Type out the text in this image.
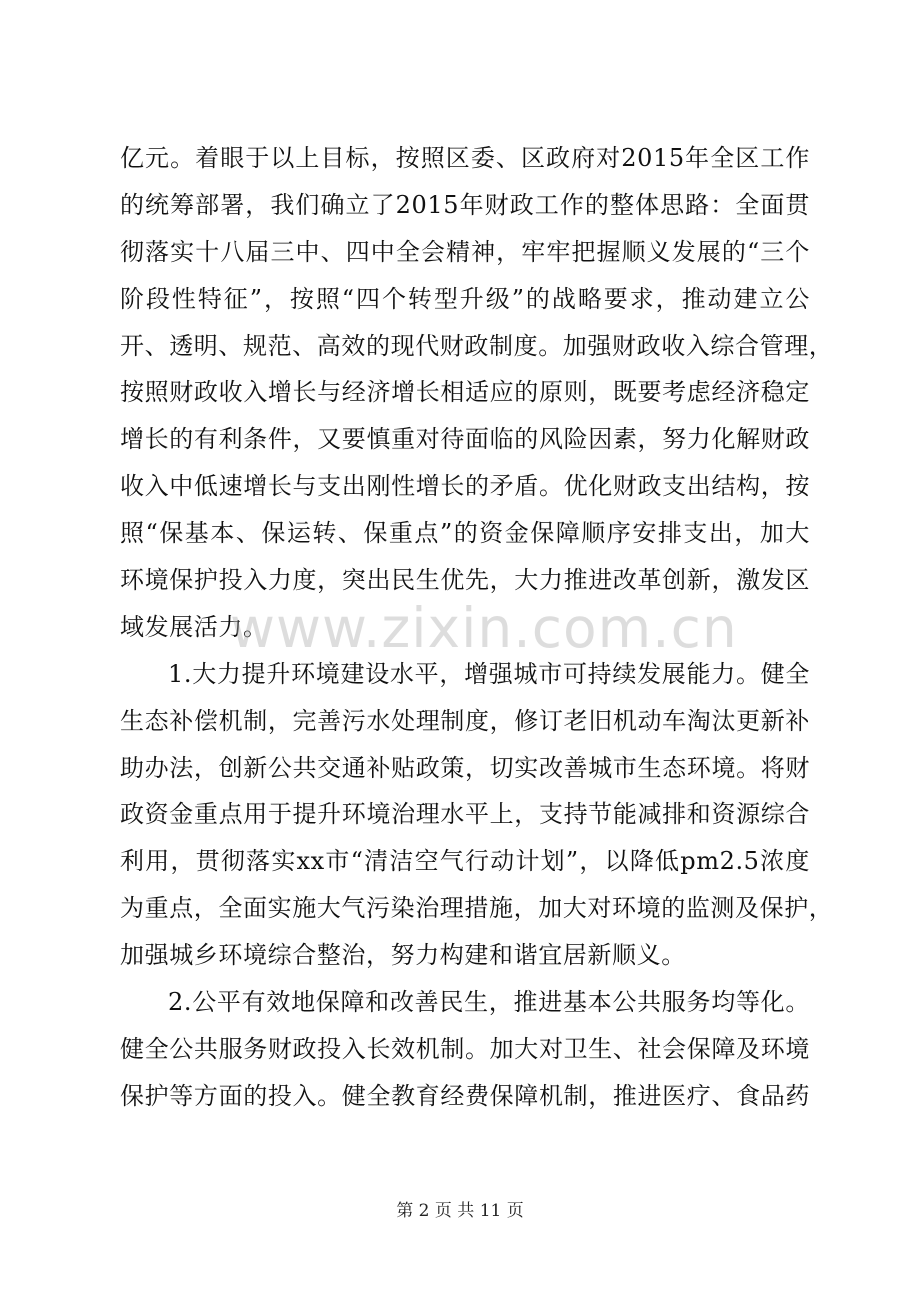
亿元。着眼于以上目标，按照区委、区政府对2015年全区工作
的统筹部署，我们确立了2015年财政工作的整体思路：全面贯
彻落实十八届三中、四中全会精神，牢牢把握顺义发展的“三个
阶段性特征”，按照“四个转型升级”的战略要求，推动建立公
开、透明、规范、高效的现代财政制度。加强财政收入综合管理，
按照财政收入增长与经济增长相适应的原则，既要考虑经济稳定
增长的有利条件，又要慎重对待面临的风险因素，努力化解财政
收入中低速增长与支出刚性增长的矛盾。优化财政支出结构，按
照“保基本、保运转、保重点”的资金保障顺序安排支出，加大
环境保护投入力度，突出民生优先，大力推进改革创新，激发区
域发展活力。
1.大力提升环境建设水平，增强城市可持续发展能力。健全
生态补偿机制，完善污水处理制度，修订老旧机动车淘汰更新补
助办法，创新公共交通补贴政策，切实改善城市生态环境。将财
政资金重点用于提升环境治理水平上，支持节能减排和资源综合
利用，贯彻落实xx市“清洁空气行动计划”，以降低pm2.5浓度
为重点，全面实施大气污染治理措施，加大对环境的监测及保护，
加强城乡环境综合整治，努力构建和谐宜居新顺义。
2.公平有效地保障和改善民生，推进基本公共服务均等化。
健全公共服务财政投入长效机制。加大对卫生、社会保障及环境
保护等方面的投入。健全教育经费保障机制，推进医疗、食品药
www.zixin.com.cn
第 2 页 共 11 页
